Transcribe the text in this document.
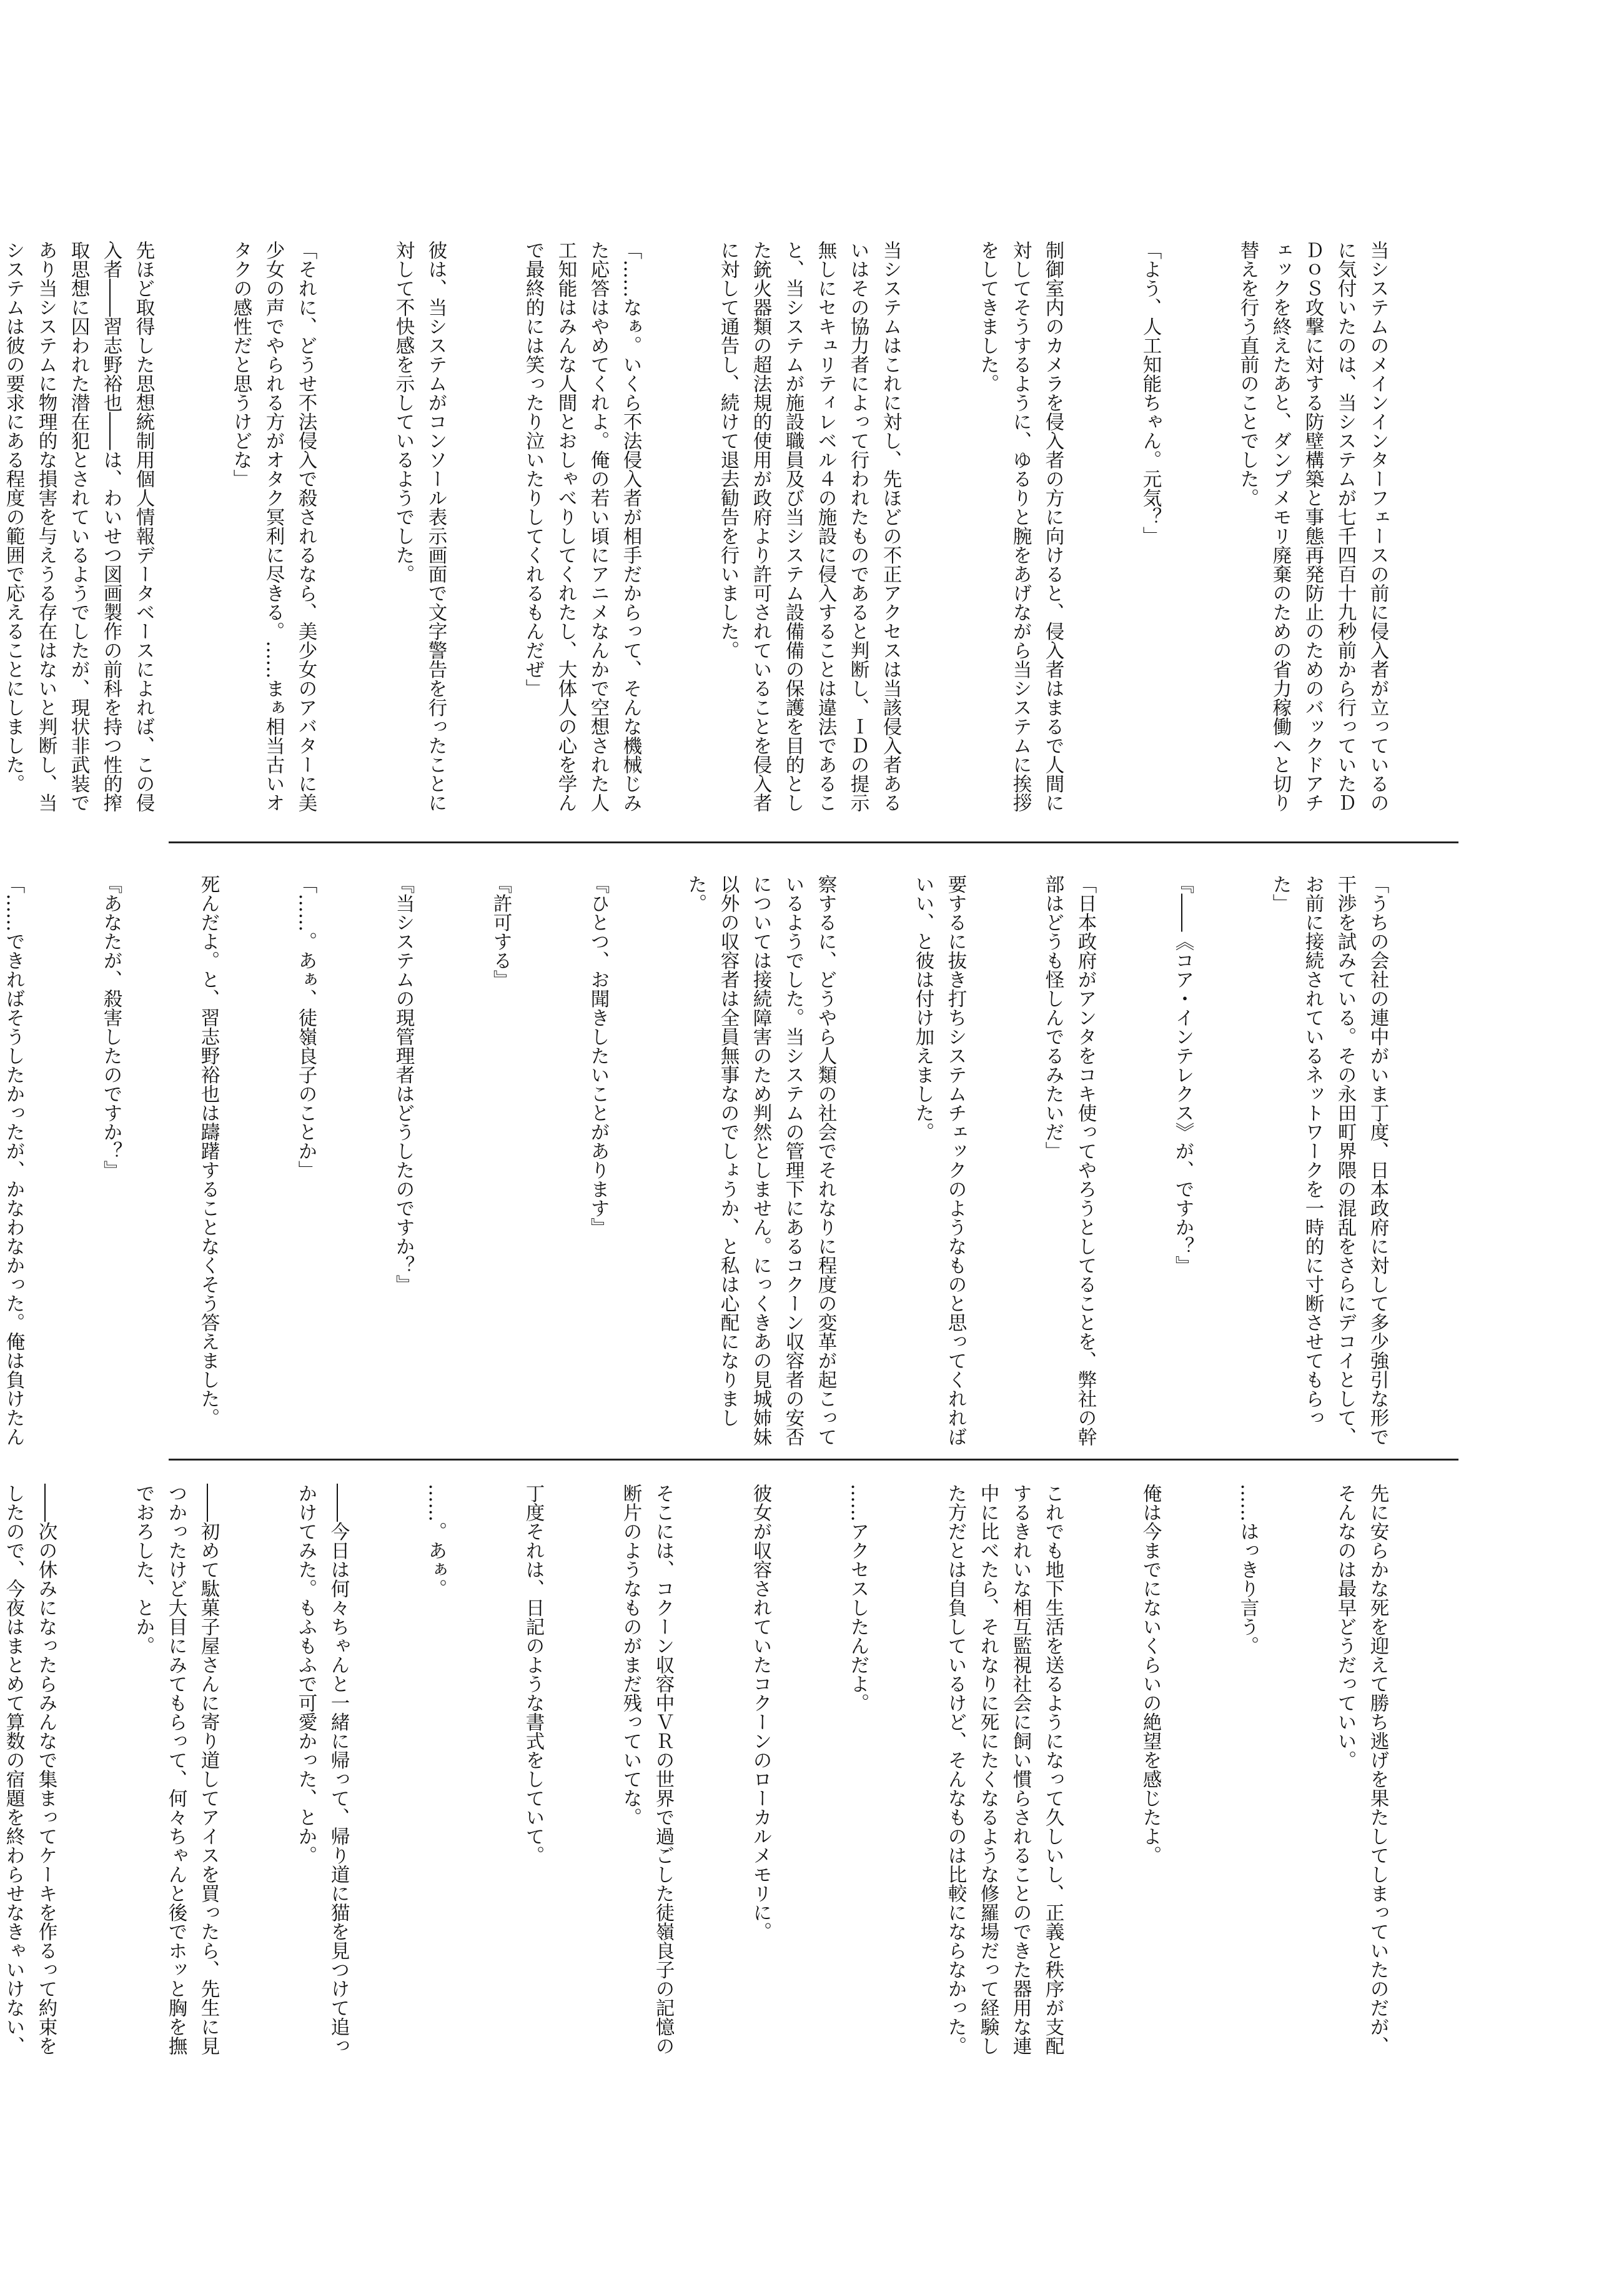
当システムのメインインターフェースの前に侵入者が立っているのに気付いたのは、当システムが七千四百十九秒前から行っていたＤＤｏＳ攻撃に対する防壁構築と事態再発防止のためのバックドアチェックを終えたあと、ダンプメモリ廃棄のための省力稼働へと切り替えを行う直前のことでした。

「よう、人工知能ちゃん。元気？」

制御室内のカメラを侵入者の方に向けると、侵入者はまるで人間に対してそうするように、ゆるりと腕をあげながら当システムに挨拶をしてきました。

当システムはこれに対し、先ほどの不正アクセスは当該侵入者あるいはその協力者によって行われたものであると判断し、ＩＤの提示無しにセキュリティレベル４の施設に侵入することは違法であること、当システムが施設職員及び当システム設備備の保護を目的とした銃火器類の超法規的使用が政府より許可されていることを侵入者に対して通告し、続けて退去勧告を行いました。

「……なぁ。いくら不法侵入者が相手だからって、そんな機械じみた応答はやめてくれよ。俺の若い頃にアニメなんかで空想された人工知能はみんな人間とおしゃべりしてくれたし、大体人の心を学んで最終的には笑ったり泣いたりしてくれるもんだぜ」

彼は、当システムがコンソール表示画面で文字警告を行ったことに対して不快感を示しているようでした。

「それに、どうせ不法侵入で殺されるなら、美少女のアバターに美少女の声でやられる方がオタク冥利に尽きる。……まぁ相当古いオタクの感性だと思うけどな」

先ほど取得した思想統制用個人情報データベースによれば、この侵入者――習志野裕也――は、わいせつ図画製作の前科を持つ性的搾取思想に囚われた潜在犯とされているようでしたが、現状非武装であり当システムに物理的な損害を与えうる存在はないと判断し、当システムは彼の要求にある程度の範囲で応えることにしました。

「うちの会社の連中がいま丁度、日本政府に対して多少強引な形で干渉を試みている。その永田町界隈の混乱をさらにデコイとして、お前に接続されているネットワークを一時的に寸断させてもらった」

『――《コア・インテレクス》が、ですか？』

「日本政府がアンタをコキ使ってやろうとしてることを、弊社の幹部はどうも怪しんでるみたいだ」

要するに抜き打ちシステムチェックのようなものと思ってくれればいい、と彼は付け加えました。

察するに、どうやら人類の社会でそれなりに程度の変革が起こっているようでした。当システムの管理下にあるコクーン収容者の安否については接続障害のため判然としません。にっくきあの見城姉妹以外の収容者は全員無事なのでしょうか、と私は心配になりました。

『ひとつ、お聞きしたいことがあります』

『許可する』

『当システムの現管理者はどうしたのですか？』

「……。あぁ、徒嶺良子のことか」

死んだよ。と、習志野裕也は躊躇することなくそう答えました。

『あなたが、殺害したのですか？』

「……できればそうしたかったが、かなわなかった。俺は負けたん

先に安らかな死を迎えて勝ち逃げを果たしてしまっていたのだが、そんなのは最早どうだっていい。

……はっきり言う。

俺は今までにないくらいの絶望を感じたよ。

これでも地下生活を送るようになって久しいし、正義と秩序が支配するきれいな相互監視社会に飼い慣らされることのできた器用な連中に比べたら、それなりに死にたくなるような修羅場だって経験した方だとは自負しているけど、そんなものは比較にならなかった。

……アクセスしたんだよ。

彼女が収容されていたコクーンのローカルメモリに。

そこには、コクーン収容中ＶＲの世界で過ごした徒嶺良子の記憶の断片のようなものがまだ残っていてな。

丁度それは、日記のような書式をしていて。

……。あぁ。

――今日は何々ちゃんと一緒に帰って、帰り道に猫を見つけて追っかけてみた。もふもふで可愛かった、とか。

――初めて駄菓子屋さんに寄り道してアイスを買ったら、先生に見つかったけど大目にみてもらって、何々ちゃんと後でホッと胸を撫でおろした、とか。

――次の休みになったらみんなで集まってケーキを作るって約束をしたので、今夜はまとめて算数の宿題を終わらせなきゃいけない、
